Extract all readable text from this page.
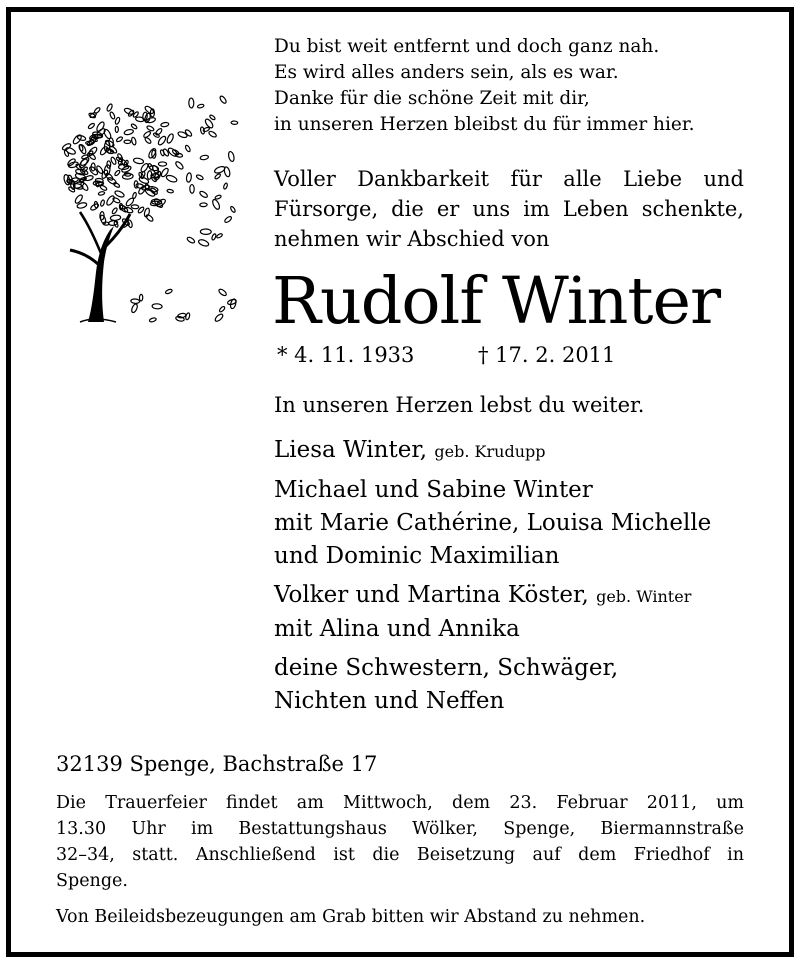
Du bist weit entfernt und doch ganz nah.
Es wird alles anders sein, als es war.
Danke für die schöne Zeit mit dir,
in unseren Herzen bleibst du für immer hier.
Voller Dankbarkeit für alle Liebe und
Fürsorge, die er uns im Leben schenkte,
nehmen wir Abschied von
Rudolf Winter
* 4. 11. 1933	† 17. 2. 2011
In unseren Herzen lebst du weiter.
Liesa Winter, geb. Krudupp
Michael und Sabine Winter
mit Marie Cathérine, Louisa Michelle
und Dominic Maximilian
Volker und Martina Köster, geb. Winter
mit Alina und Annika
deine Schwestern, Schwäger,
Nichten und Neffen
32139 Spenge, Bachstraße 17
Die Trauerfeier findet am Mittwoch, dem 23. Februar 2011, um
13.30 Uhr im Bestattungshaus Wölker, Spenge, Biermannstraße
32–34, statt. Anschließend ist die Beisetzung auf dem Friedhof in
Spenge.
Von Beileidsbezeugungen am Grab bitten wir Abstand zu nehmen.
